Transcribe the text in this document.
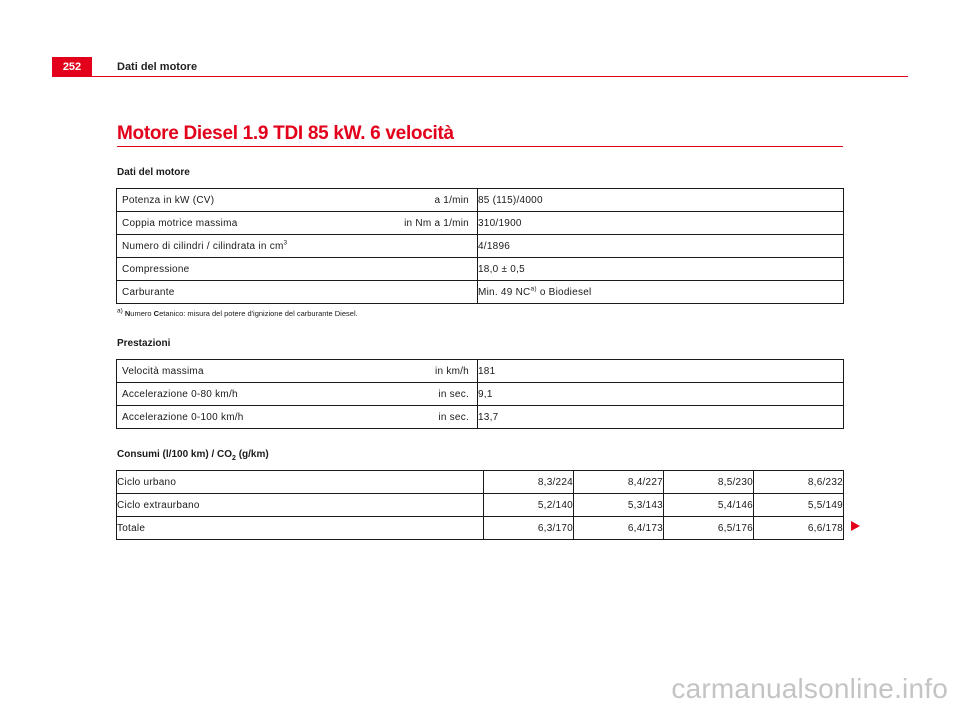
252	Dati del motore
Motore Diesel 1.9 TDI 85 kW. 6 velocità
Dati del motore
Potenza in kW (CV) a 1/min	85 (115)/4000

Coppia motrice massima in Nm a 1/min	310/1900

Numero di cilindri / cilindrata in $cm^3$	4/1896

Compressione	18,0 ± 0,5

Carburante	Min. 49 NC$^{a)}$ o Biodiesel
$^{a)}$ Numero Cetanico: misura del potere d'ignizione del carburante Diesel.
Prestazioni
Velocità massima in km/h	181

Accelerazione 0-80 km/h in sec.	9,1

Accelerazione 0-100 km/h in sec.	13,7
Consumi (l/100 $km) / CO_2$ (g/km)
Ciclo urbano	8,3/224	8,4/227	8,5/230	8,6/232
Ciclo extraurbano	5,2/140	5,3/143	5,4/146	5,5/149
Totale	6,3/170	6,4/173	6,5/176	6,6/178
carmanualsonline.info
